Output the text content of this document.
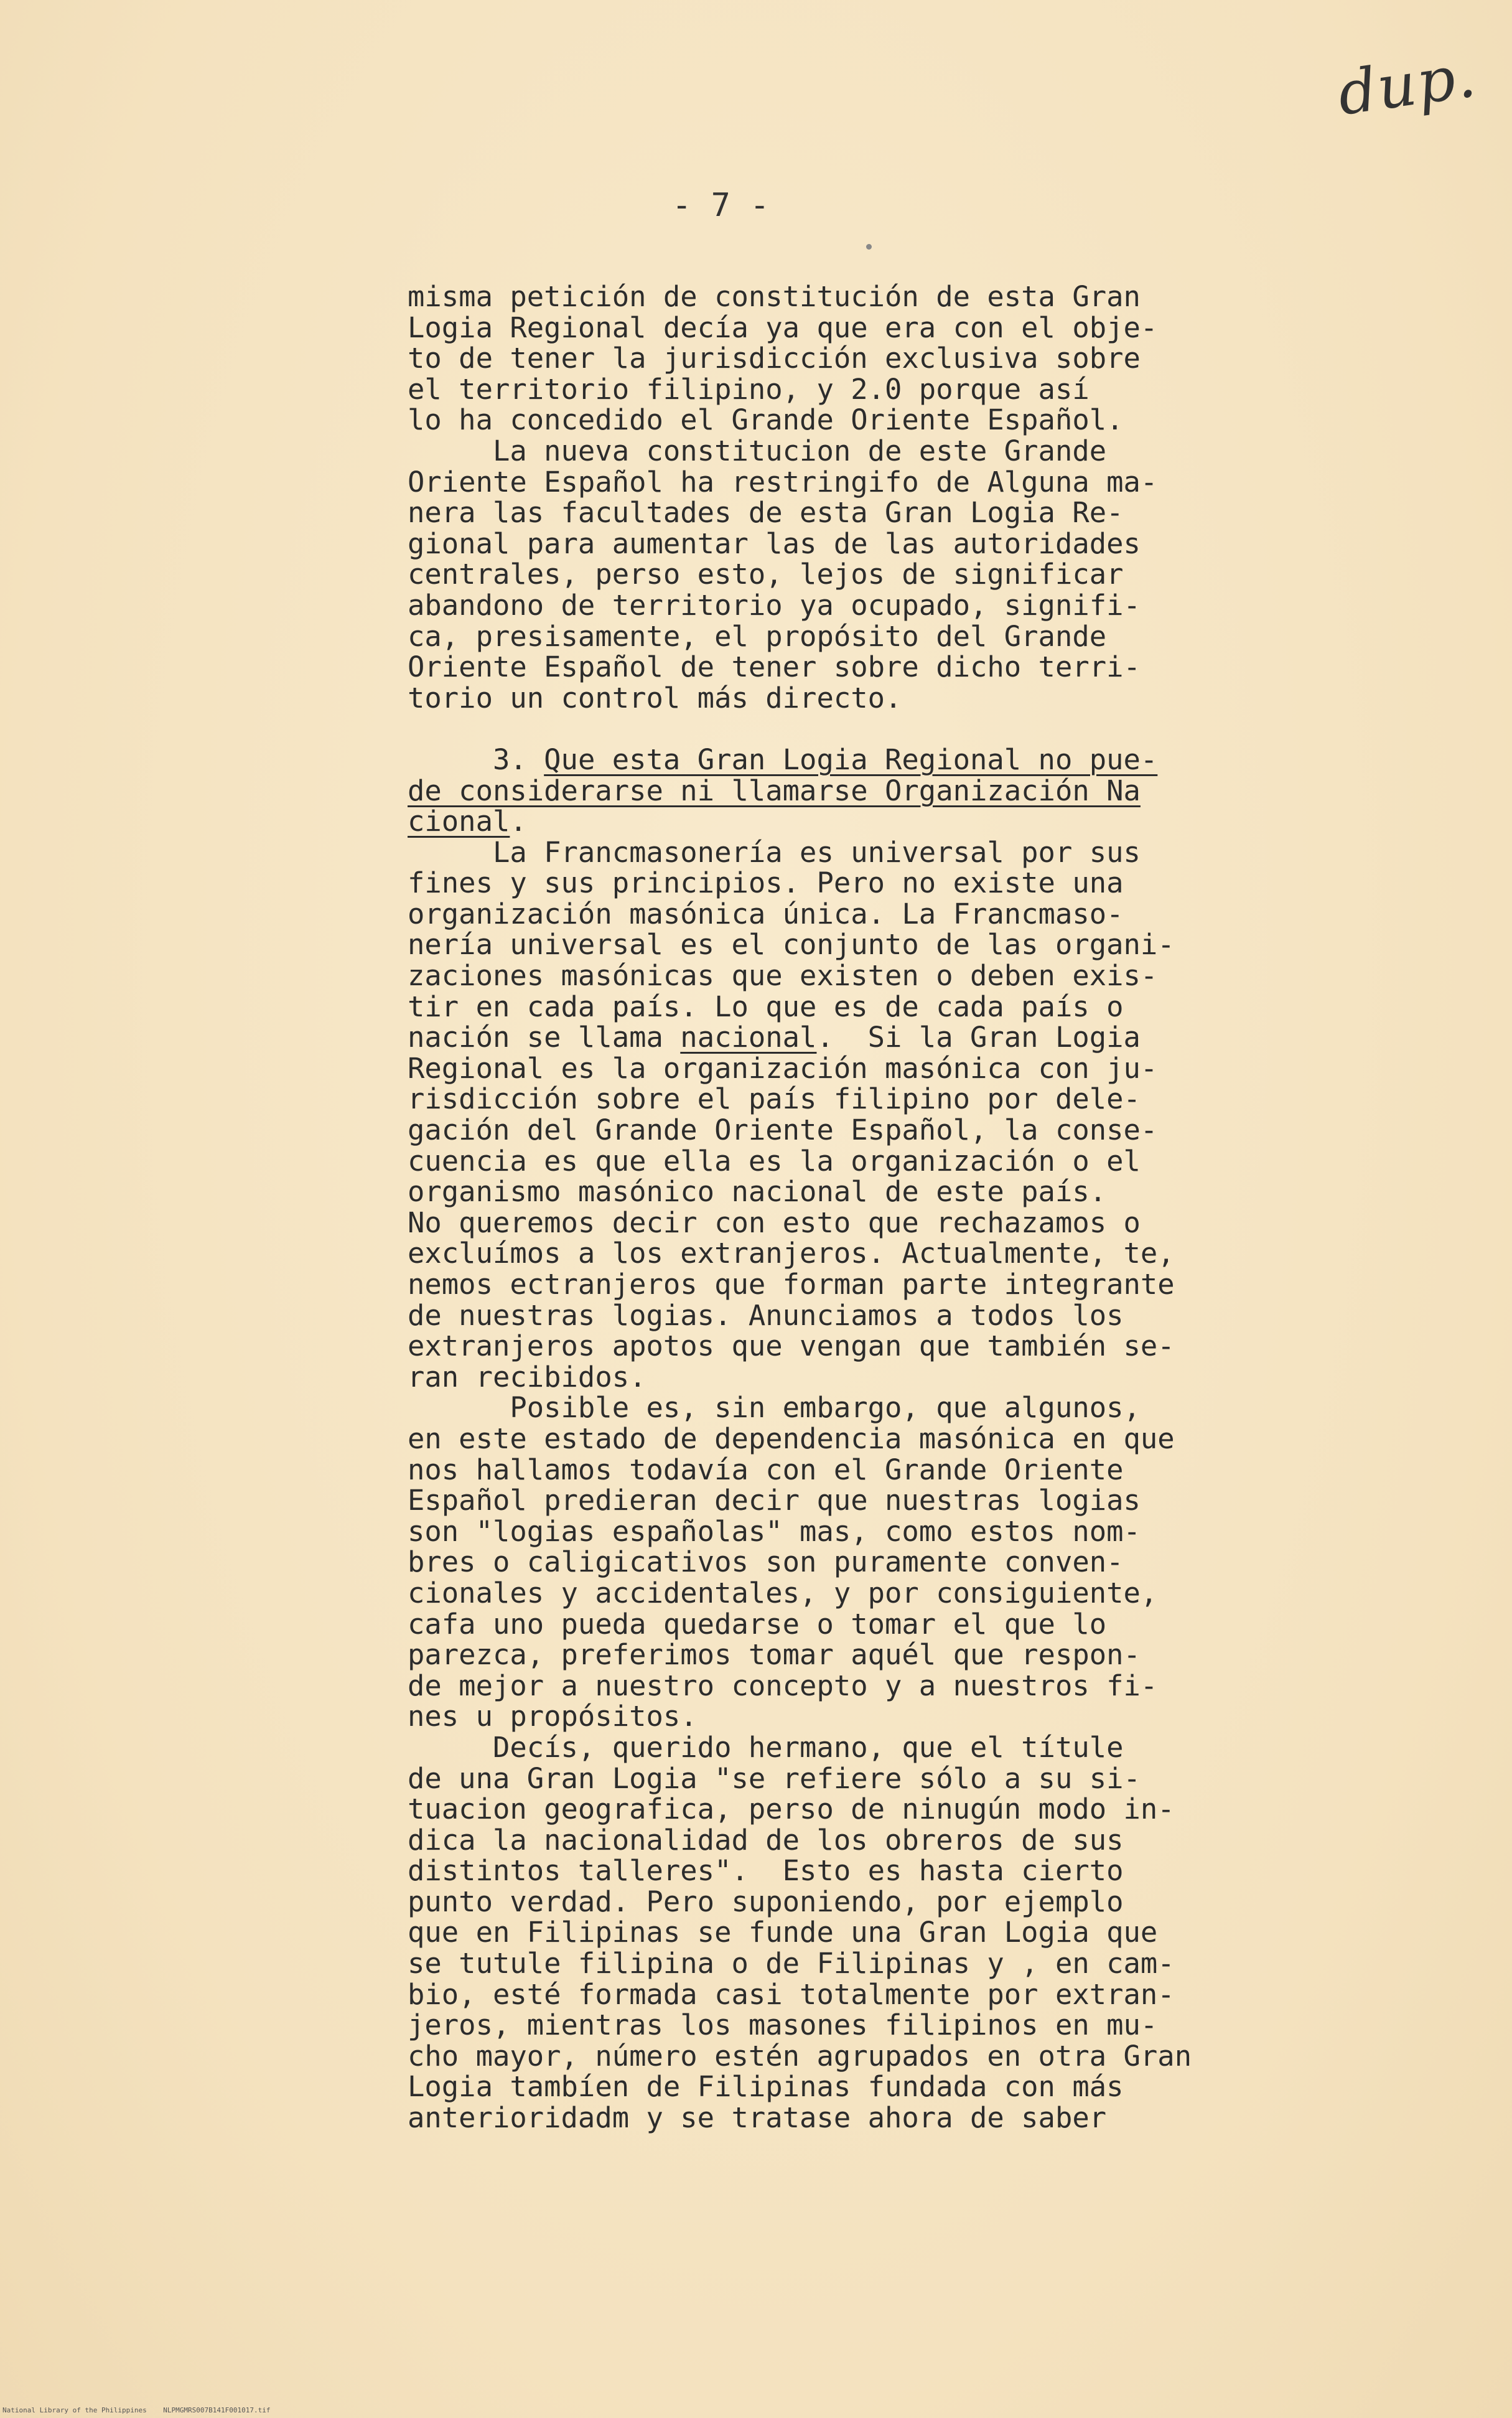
dup.
- 7 -
misma petición de constitución de esta Gran
Logia Regional decía ya que era con el obje-
to de tener la jurisdicción exclusiva sobre
el territorio filipino, y 2.0 porque así
lo ha concedido el Grande Oriente Español.
La nueva constitucion de este Grande
Oriente Español ha restringifo de Alguna ma-
nera las facultades de esta Gran Logia Re-
gional para aumentar las de las autoridades
centrales, perso esto, lejos de significar
abandono de territorio ya ocupado, signifi-
ca, presisamente, el propósito del Grande
Oriente Español de tener sobre dicho terri-
torio un control más directo.
3. Que esta Gran Logia Regional no pue-
de considerarse ni llamarse Organización Na
cional.
La Francmasonería es universal por sus
fines y sus principios. Pero no existe una
organización masónica única. La Francmaso-
nería universal es el conjunto de las organi-
zaciones masónicas que existen o deben exis-
tir en cada país. Lo que es de cada país o
nación se llama nacional.  Si la Gran Logia
Regional es la organización masónica con ju-
risdicción sobre el país filipino por dele-
gación del Grande Oriente Español, la conse-
cuencia es que ella es la organización o el
organismo masónico nacional de este país.
No queremos decir con esto que rechazamos o
excluímos a los extranjeros. Actualmente, te,
nemos ectranjeros que forman parte integrante
de nuestras logias. Anunciamos a todos los
extranjeros apotos que vengan que también se-
ran recibidos.
Posible es, sin embargo, que algunos,
en este estado de dependencia masónica en que
nos hallamos todavía con el Grande Oriente
Español predieran decir que nuestras logias
son "logias españolas" mas, como estos nom-
bres o caligicativos son puramente conven-
cionales y accidentales, y por consiguiente,
cafa uno pueda quedarse o tomar el que lo
parezca, preferimos tomar aquél que respon-
de mejor a nuestro concepto y a nuestros fi-
nes u propósitos.
Decís, querido hermano, que el títule
de una Gran Logia "se refiere sólo a su si-
tuacion geografica, perso de ninugún modo in-
dica la nacionalidad de los obreros de sus
distintos talleres".  Esto es hasta cierto
punto verdad. Pero suponiendo, por ejemplo
que en Filipinas se funde una Gran Logia que
se tutule filipina o de Filipinas y , en cam-
bio, esté formada casi totalmente por extran-
jeros, mientras los masones filipinos en mu-
cho mayor, número estén agrupados en otra Gran
Logia tambíen de Filipinas fundada con más
anterioridadm y se tratase ahora de saber
National Library of the Philippines    NLPMGMRS007B141F001017.tif
